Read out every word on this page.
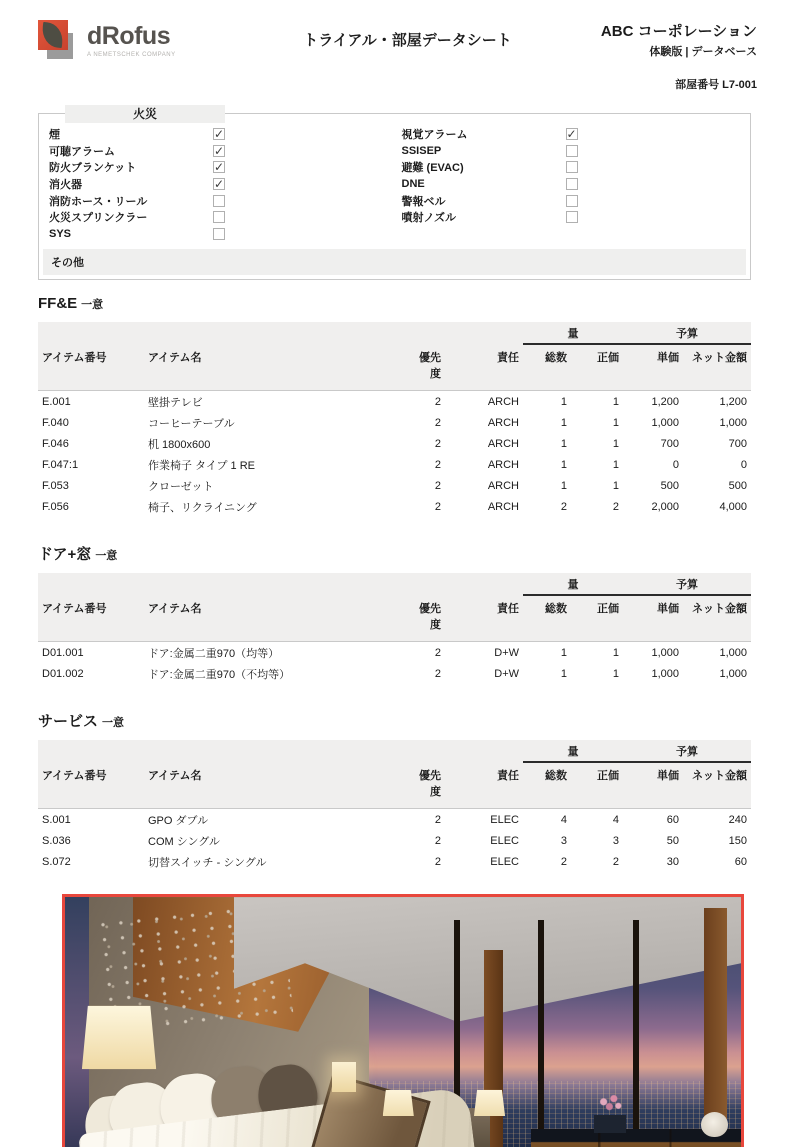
dRofus
A NEMETSCHEK COMPANY
トライアル・部屋データシート
ABC コーポレーション
体験版 | データベース
部屋番号 L7-001
火災
煙	✓
可聴アラーム	✓
防火ブランケット	✓
消火器	✓
消防ホース・リール
火災スプリンクラー
SYS
視覚アラーム	✓
SSISEP
避難 (EVAC)
DNE
警報ベル
噴射ノズル
その他
FF&E 一意
				量		予算	
アイテム番号	アイテム名	優先度	責任	総数	正価	単価	ネット金額
E.001	壁掛テレビ	2	ARCH	1	1	1,200	1,200
F.040	コーヒーテーブル	2	ARCH	1	1	1,000	1,000
F.046	机 1800x600	2	ARCH	1	1	700	700
F.047:1	作業椅子 タイプ 1 RE	2	ARCH	1	1	0	0
F.053	クローゼット	2	ARCH	1	1	500	500
F.056	椅子、リクライニング	2	ARCH	2	2	2,000	4,000
ドア+窓 一意
				量		予算	
アイテム番号	アイテム名	優先度	責任	総数	正価	単価	ネット金額
D01.001	ドア:金属二重970（均等）	2	D+W	1	1	1,000	1,000
D01.002	ドア:金属二重970（不均等）	2	D+W	1	1	1,000	1,000
サービス 一意
				量		予算	
アイテム番号	アイテム名	優先度	責任	総数	正価	単価	ネット金額
S.001	GPO ダブル	2	ELEC	4	4	60	240
S.036	COM シングル	2	ELEC	3	3	50	150
S.072	切替スイッチ - シングル	2	ELEC	2	2	30	60
